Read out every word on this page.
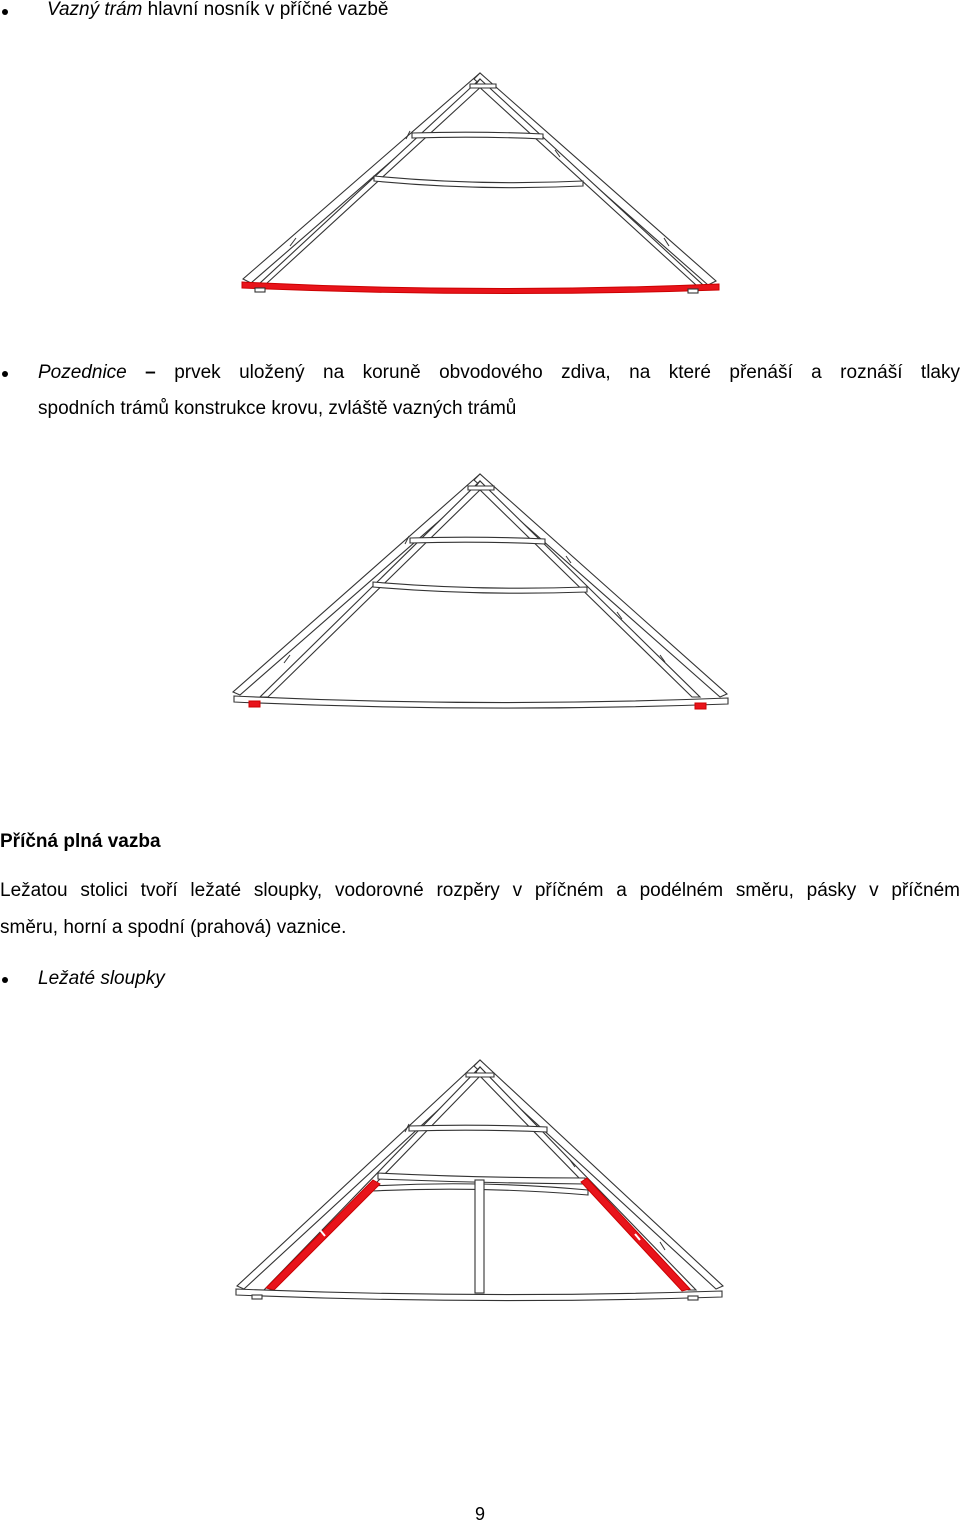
Vazný trám hlavní nosník v příčné vazbě
Pozednice – prvek uložený na koruně obvodového zdiva, na které přenáší a roznáší tlaky
spodních trámů konstrukce krovu, zvláště vazných trámů
Příčná plná vazba
Ležatou stolici tvoří ležaté sloupky, vodorovné rozpěry v příčném a podélném směru, pásky v příčném
směru, horní a spodní (prahová) vaznice.
Ležaté sloupky
9
